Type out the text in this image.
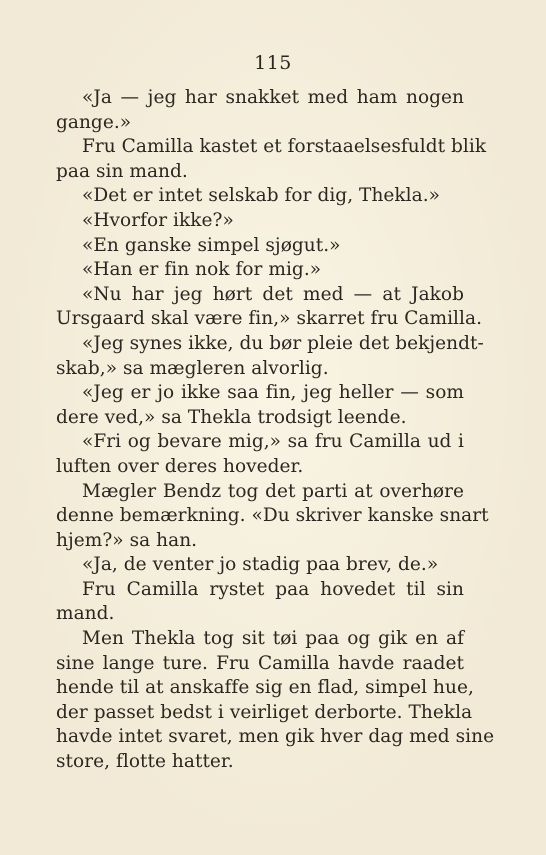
115
«Ja — jeg har snakket med ham nogen
gange.»
Fru Camilla kastet et forstaaelsesfuldt blik
paa sin mand.
«Det er intet selskab for dig, Thekla.»
«Hvorfor ikke?»
«En ganske simpel sjøgut.»
«Han er fin nok for mig.»
«Nu har jeg hørt det med — at Jakob
Ursgaard skal være fin,» skarret fru Camilla.
«Jeg synes ikke, du bør pleie det bekjendt-
skab,» sa mægleren alvorlig.
«Jeg er jo ikke saa fin, jeg heller — som
dere ved,» sa Thekla trodsigt leende.
«Fri og bevare mig,» sa fru Camilla ud i
luften over deres hoveder.
Mægler Bendz tog det parti at overhøre
denne bemærkning. «Du skriver kanske snart
hjem?» sa han.
«Ja, de venter jo stadig paa brev, de.»
Fru Camilla rystet paa hovedet til sin
mand.
Men Thekla tog sit tøi paa og gik en af
sine lange ture. Fru Camilla havde raadet
hende til at anskaffe sig en flad, simpel hue,
der passet bedst i veirliget derborte. Thekla
havde intet svaret, men gik hver dag med sine
store, flotte hatter.
